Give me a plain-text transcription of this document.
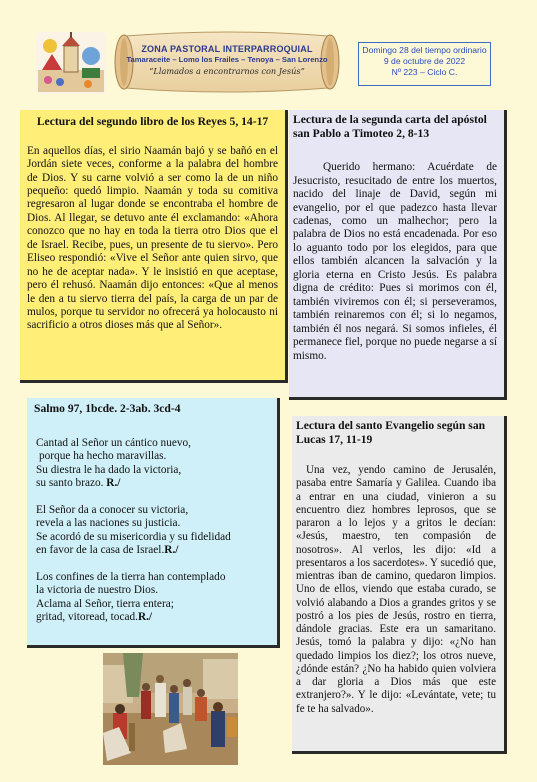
ZONA PASTORAL INTERPARROQUIAL
Tamaraceite – Lomo los Frailes – Tenoya – San Lorenzo
“Llamados a encontrarnos con Jesús”
Domingo 28 del tiempo ordinario
9 de octubre de 2022
Nº 223 – Ciclo C.
Lectura del segundo libro de los Reyes 5, 14-17
En aquellos días, el sirio Naamán bajó y se bañó en el Jordán siete veces, conforme a la palabra del hombre de Dios. Y su carne volvió a ser como la de un niño pequeño: quedó limpio. Naamán y toda su comitiva regresaron al lugar donde se encontraba el hombre de Dios. Al llegar, se detuvo ante él exclamando: «Ahora conozco que no hay en toda la tierra otro Dios que el de Israel. Recibe, pues, un presente de tu siervo». Pero Eliseo respondió: «Vive el Señor ante quien sirvo, que no he de aceptar nada». Y le insistió en que aceptase, pero él rehusó. Naamán dijo entonces: «Que al menos le den a tu siervo tierra del país, la carga de un par de mulos, porque tu servidor no ofrecerá ya holocausto ni sacrificio a otros dioses más que al Señor».
Lectura de la segunda carta del apóstol san Pablo a Timoteo 2, 8-13
Querido hermano: Acuérdate de Jesucristo, resucitado de entre los muertos, nacido del linaje de David, según mi evangelio, por el que padezco hasta llevar cadenas, como un malhechor; pero la palabra de Dios no está encadenada. Por eso lo aguanto todo por los elegidos, para que ellos también alcancen la salvación y la gloria eterna en Cristo Jesús. Es palabra digna de crédito: Pues si morimos con él, también viviremos con él; si perseveramos, también reinaremos con él; si lo negamos, también él nos negará. Si somos infieles, él permanece fiel, porque no puede negarse a sí mismo.
Salmo 97, 1bcde. 2-3ab. 3cd-4
Cantad al Señor un cántico nuevo,
porque ha hecho maravillas.
Su diestra le ha dado la victoria,
su santo brazo. R./
El Señor da a conocer su victoria,
revela a las naciones su justicia.
Se acordó de su misericordia y su fidelidad
en favor de la casa de Israel.R./
Los confines de la tierra han contemplado
la victoria de nuestro Dios.
Aclama al Señor, tierra entera;
gritad, vitoread, tocad.R./
Lectura del santo Evangelio según san Lucas 17, 11-19
Una vez, yendo camino de Jerusalén, pasaba entre Samaría y Galilea. Cuando iba a entrar en una ciudad, vinieron a su encuentro diez hombres leprosos, que se pararon a lo lejos y a gritos le decían: «Jesús, maestro, ten compasión de nosotros». Al verlos, les dijo: «Id a presentaros a los sacerdotes». Y sucedió que, mientras iban de camino, quedaron limpios. Uno de ellos, viendo que estaba curado, se volvió alabando a Dios a grandes gritos y se postró a los pies de Jesús, rostro en tierra, dándole gracias. Este era un samaritano. Jesús, tomó la palabra y dijo: «¿No han quedado limpios los diez?; los otros nueve, ¿dónde están? ¿No ha habido quien volviera a dar gloria a Dios más que este extranjero?». Y le dijo: «Levántate, vete; tu fe te ha salvado».
